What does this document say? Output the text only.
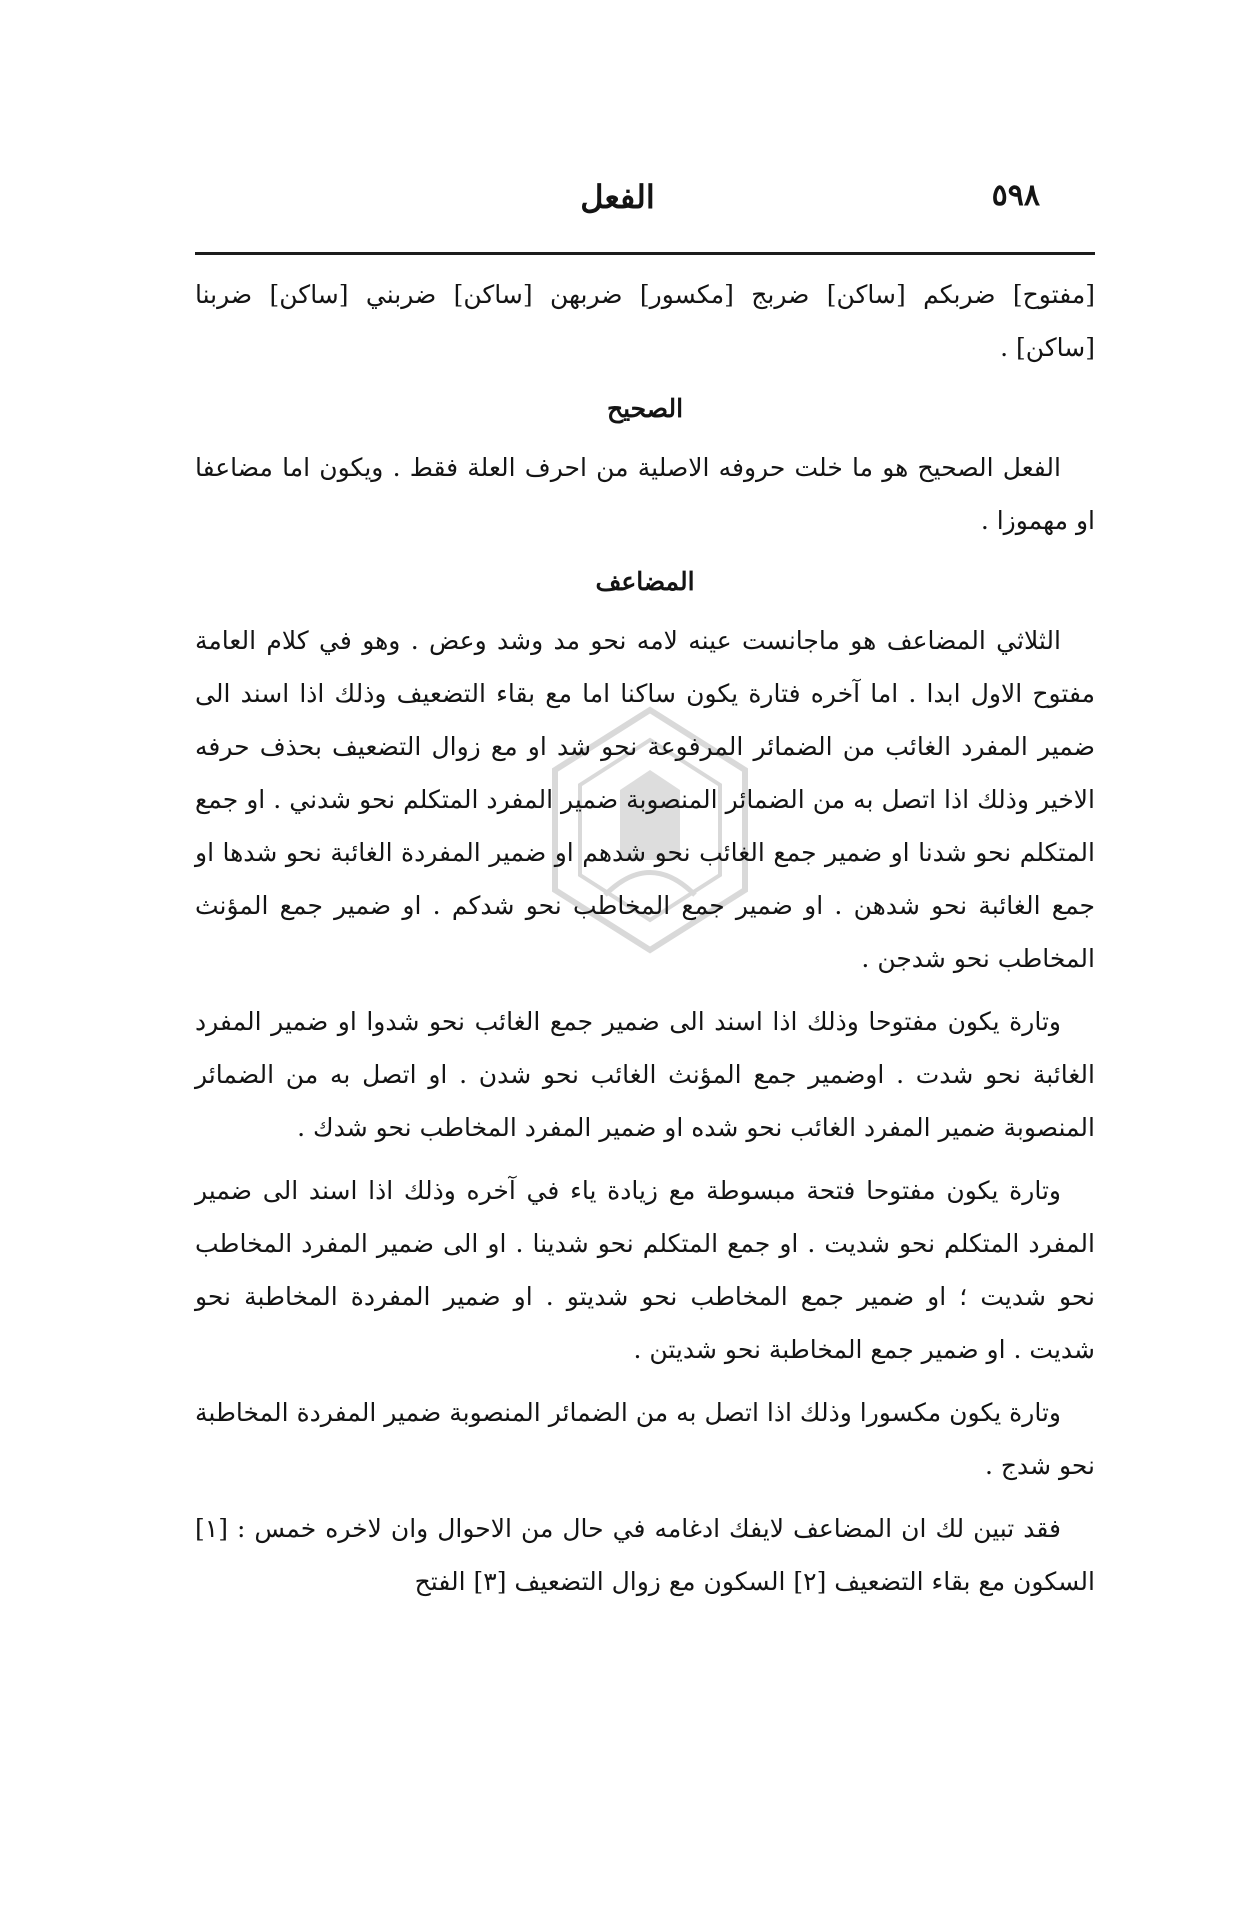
٥٩٨
الفعل

[مفتوح] ضربكم [ساكن] ضربج [مكسور] ضربهن [ساكن] ضربني [ساكن] ضربنا [ساكن] .

الصحيح

الفعل الصحيح هو ما خلت حروفه الاصلية من احرف العلة فقط . ويكون اما مضاعفا او مهموزا .

المضاعف

الثلاثي المضاعف هو ماجانست عينه لامه نحو مد وشد وعض . وهو في كلام العامة مفتوح الاول ابدا . اما آخره فتارة يكون ساكنا اما مع بقاء التضعيف وذلك اذا اسند الى ضمير المفرد الغائب من الضمائر المرفوعة نحو شد او مع زوال التضعيف بحذف حرفه الاخير وذلك اذا اتصل به من الضمائر المنصوبة ضمير المفرد المتكلم نحو شدني . او جمع المتكلم نحو شدنا او ضمير جمع الغائب نحو شدهم او ضمير المفردة الغائبة نحو شدها او جمع الغائبة نحو شدهن . او ضمير جمع المخاطب نحو شدكم . او ضمير جمع المؤنث المخاطب نحو شدجن .

وتارة يكون مفتوحا وذلك اذا اسند الى ضمير جمع الغائب نحو شدوا او ضمير المفرد الغائبة نحو شدت . اوضمير جمع المؤنث الغائب نحو شدن . او اتصل به من الضمائر المنصوبة ضمير المفرد الغائب نحو شده او ضمير المفرد المخاطب نحو شدك .

وتارة يكون مفتوحا فتحة مبسوطة مع زيادة ياء في آخره وذلك اذا اسند الى ضمير المفرد المتكلم نحو شديت . او جمع المتكلم نحو شدينا . او الى ضمير المفرد المخاطب نحو شديت ؛ او ضمير جمع المخاطب نحو شديتو . او ضمير المفردة المخاطبة نحو شديت . او ضمير جمع المخاطبة نحو شديتن .

وتارة يكون مكسورا وذلك اذا اتصل به من الضمائر المنصوبة ضمير المفردة المخاطبة نحو شدج .

فقد تبين لك ان المضاعف لايفك ادغامه في حال من الاحوال وان لاخره خمس : [١] السكون مع بقاء التضعيف [٢] السكون مع زوال التضعيف [٣] الفتح
